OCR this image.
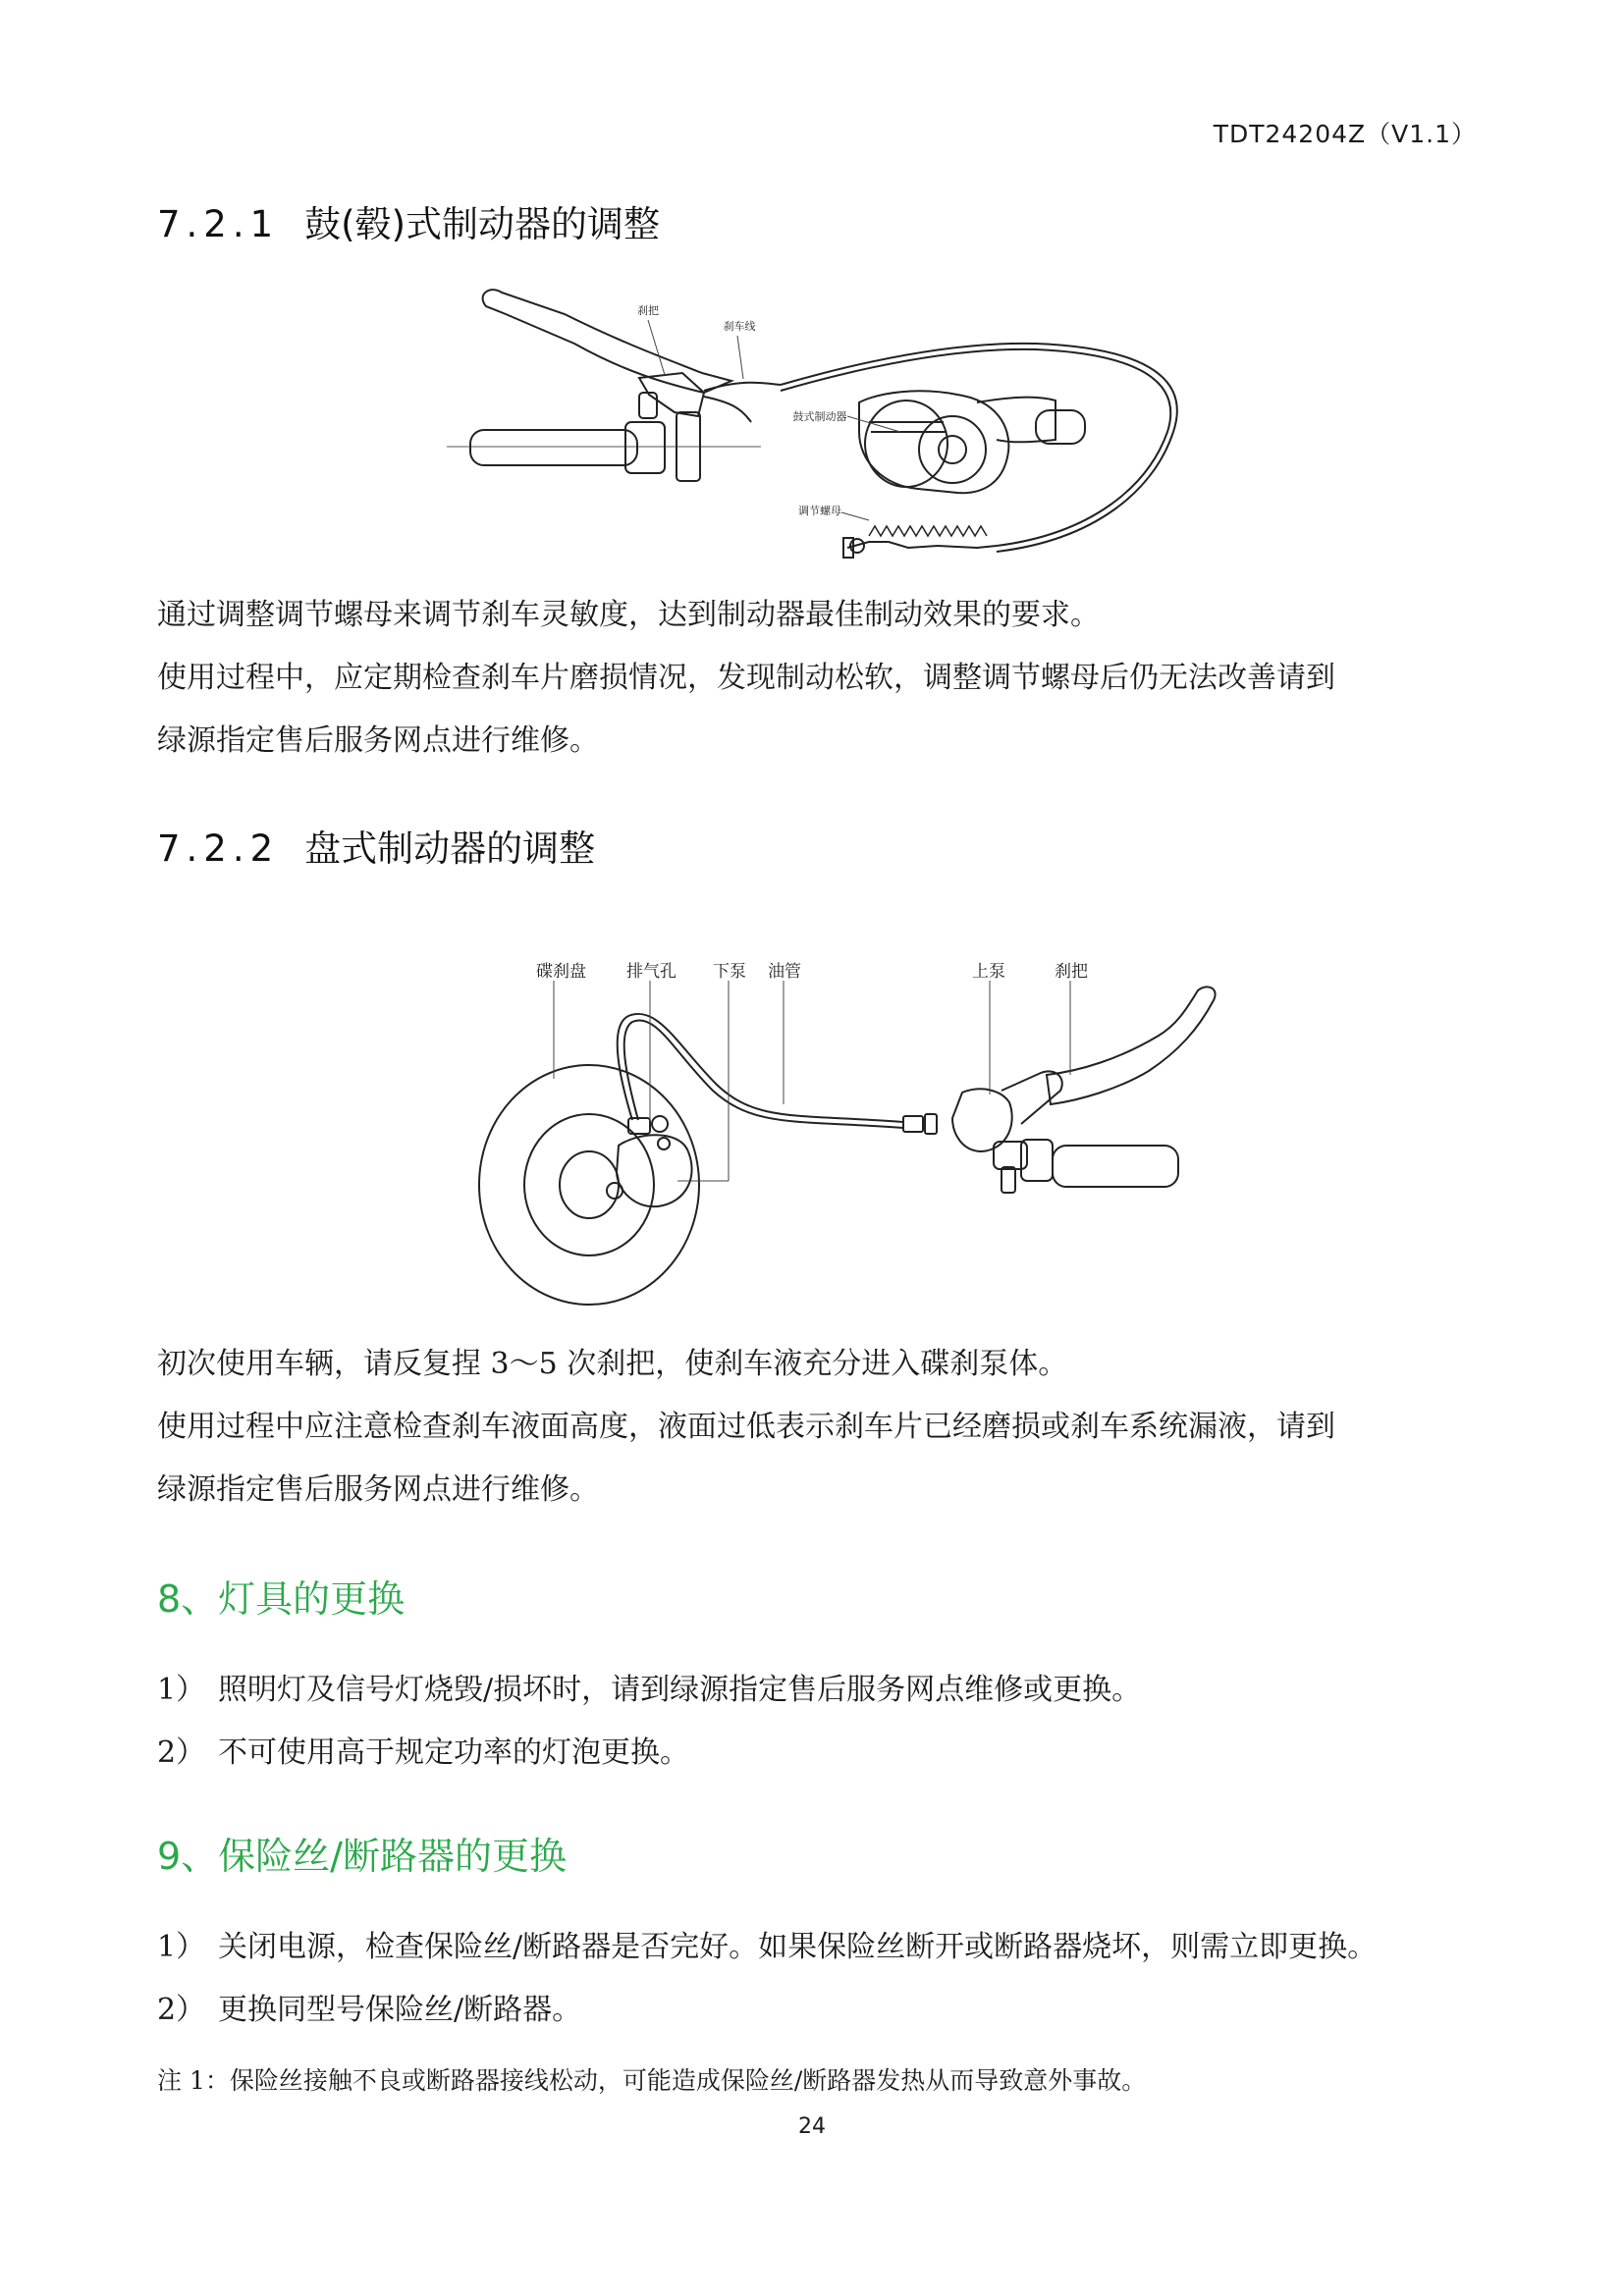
TDT24204Z（V1.1）
7.2.1 鼓(毂)式制动器的调整
刹把
刹车线
鼓式制动器
调节螺母

通过调整调节螺母来调节刹车灵敏度，达到制动器最佳制动效果的要求。

使用过程中，应定期检查刹车片磨损情况，发现制动松软，调整调节螺母后仍无法改善请到

绿源指定售后服务网点进行维修。

7.2.2 盘式制动器的调整
碟刹盘 排气孔 下泵 油管	上泵	刹把

初次使用车辆，请反复捏 3～5 次刹把，使刹车液充分进入碟刹泵体。

使用过程中应注意检查刹车液面高度，液面过低表示刹车片已经磨损或刹车系统漏液，请到

绿源指定售后服务网点进行维修。

8、灯具的更换
1） 照明灯及信号灯烧毁/损坏时，请到绿源指定售后服务网点维修或更换。
2） 不可使用高于规定功率的灯泡更换。
9、保险丝/断路器的更换
1） 关闭电源，检查保险丝/断路器是否完好。如果保险丝断开或断路器烧坏，则需立即更换。
2） 更换同型号保险丝/断路器。
注 1：保险丝接触不良或断路器接线松动，可能造成保险丝/断路器发热从而导致意外事故。
24
